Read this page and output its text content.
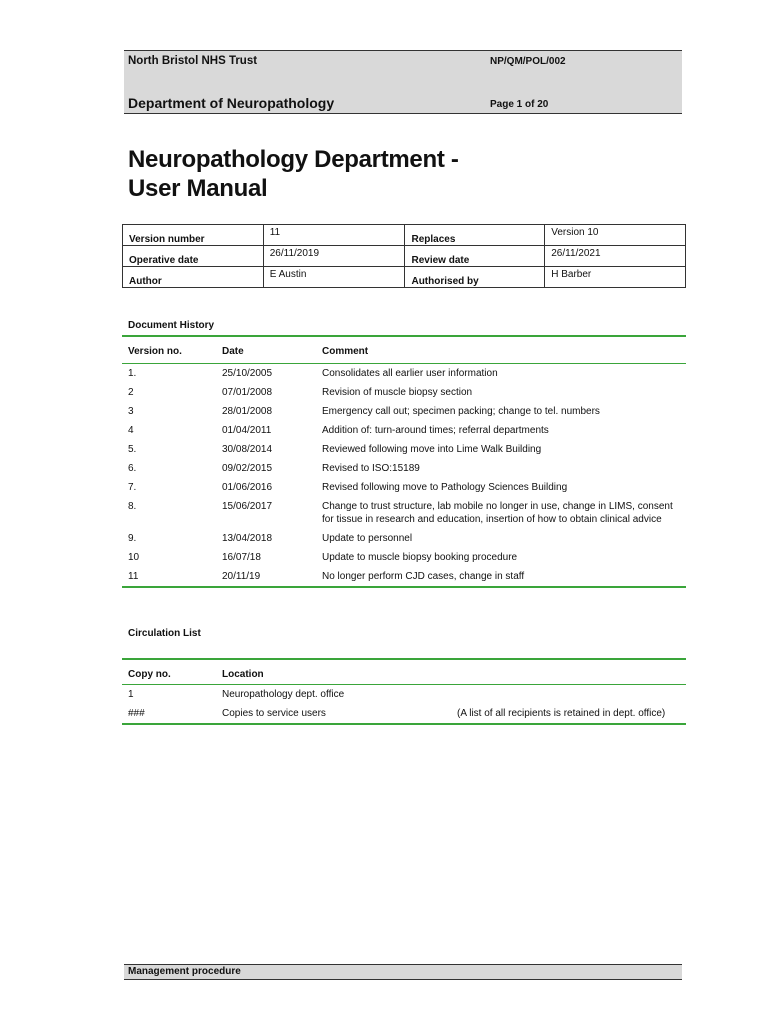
North Bristol NHS Trust	NP/QM/POL/002
Department of Neuropathology	Page 1 of 20
Neuropathology Department -
User Manual
Version number	11	Replaces	Version 10
Operative date	26/11/2019	Review date	26/11/2021
Author	E Austin	Authorised by	H Barber
Document History
Version no.	Date	Comment
1.	25/10/2005	Consolidates all earlier user information
2	07/01/2008	Revision of muscle biopsy section
3	28/01/2008	Emergency call out; specimen packing; change to tel. numbers
4	01/04/2011	Addition of: turn-around times; referral departments
5.	30/08/2014	Reviewed following move into Lime Walk Building
6.	09/02/2015	Revised to ISO:15189
7.	01/06/2016	Revised following move to Pathology Sciences Building
8.	15/06/2017	Change to trust structure, lab mobile no longer in use, change in LIMS, consent for tissue in research and education, insertion of how to obtain clinical advice
9.	13/04/2018	Update to personnel
10	16/07/18	Update to muscle biopsy booking procedure
11	20/11/19	No longer perform CJD cases, change in staff
Circulation List
Copy no.	Location
1	Neuropathology dept. office
###	Copies to service users	(A list of all recipients is retained in dept. office)
Management procedure
